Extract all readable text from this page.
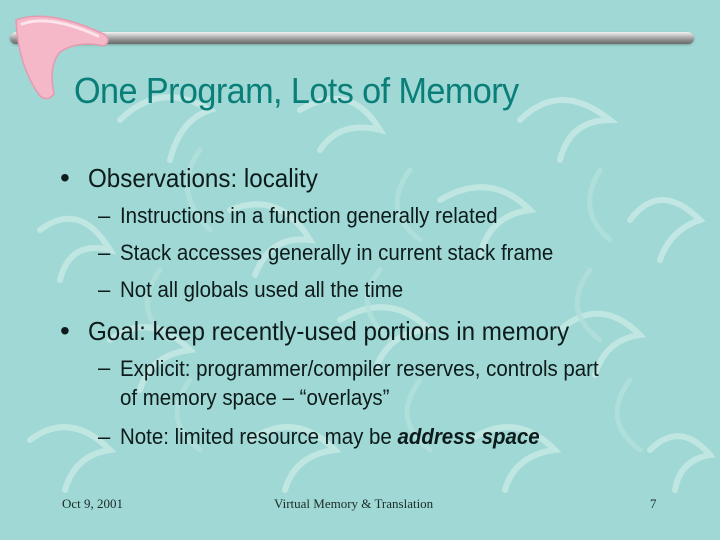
One Program, Lots of Memory
• Observations: locality
– Instructions in a function generally related
– Stack accesses generally in current stack frame
– Not all globals used all the time
• Goal: keep recently-used portions in memory
– Explicit: programmer/compiler reserves, controls part
of memory space – “overlays”
– Note: limited resource may be address space
Oct 9, 2001	Virtual Memory & Translation	7
